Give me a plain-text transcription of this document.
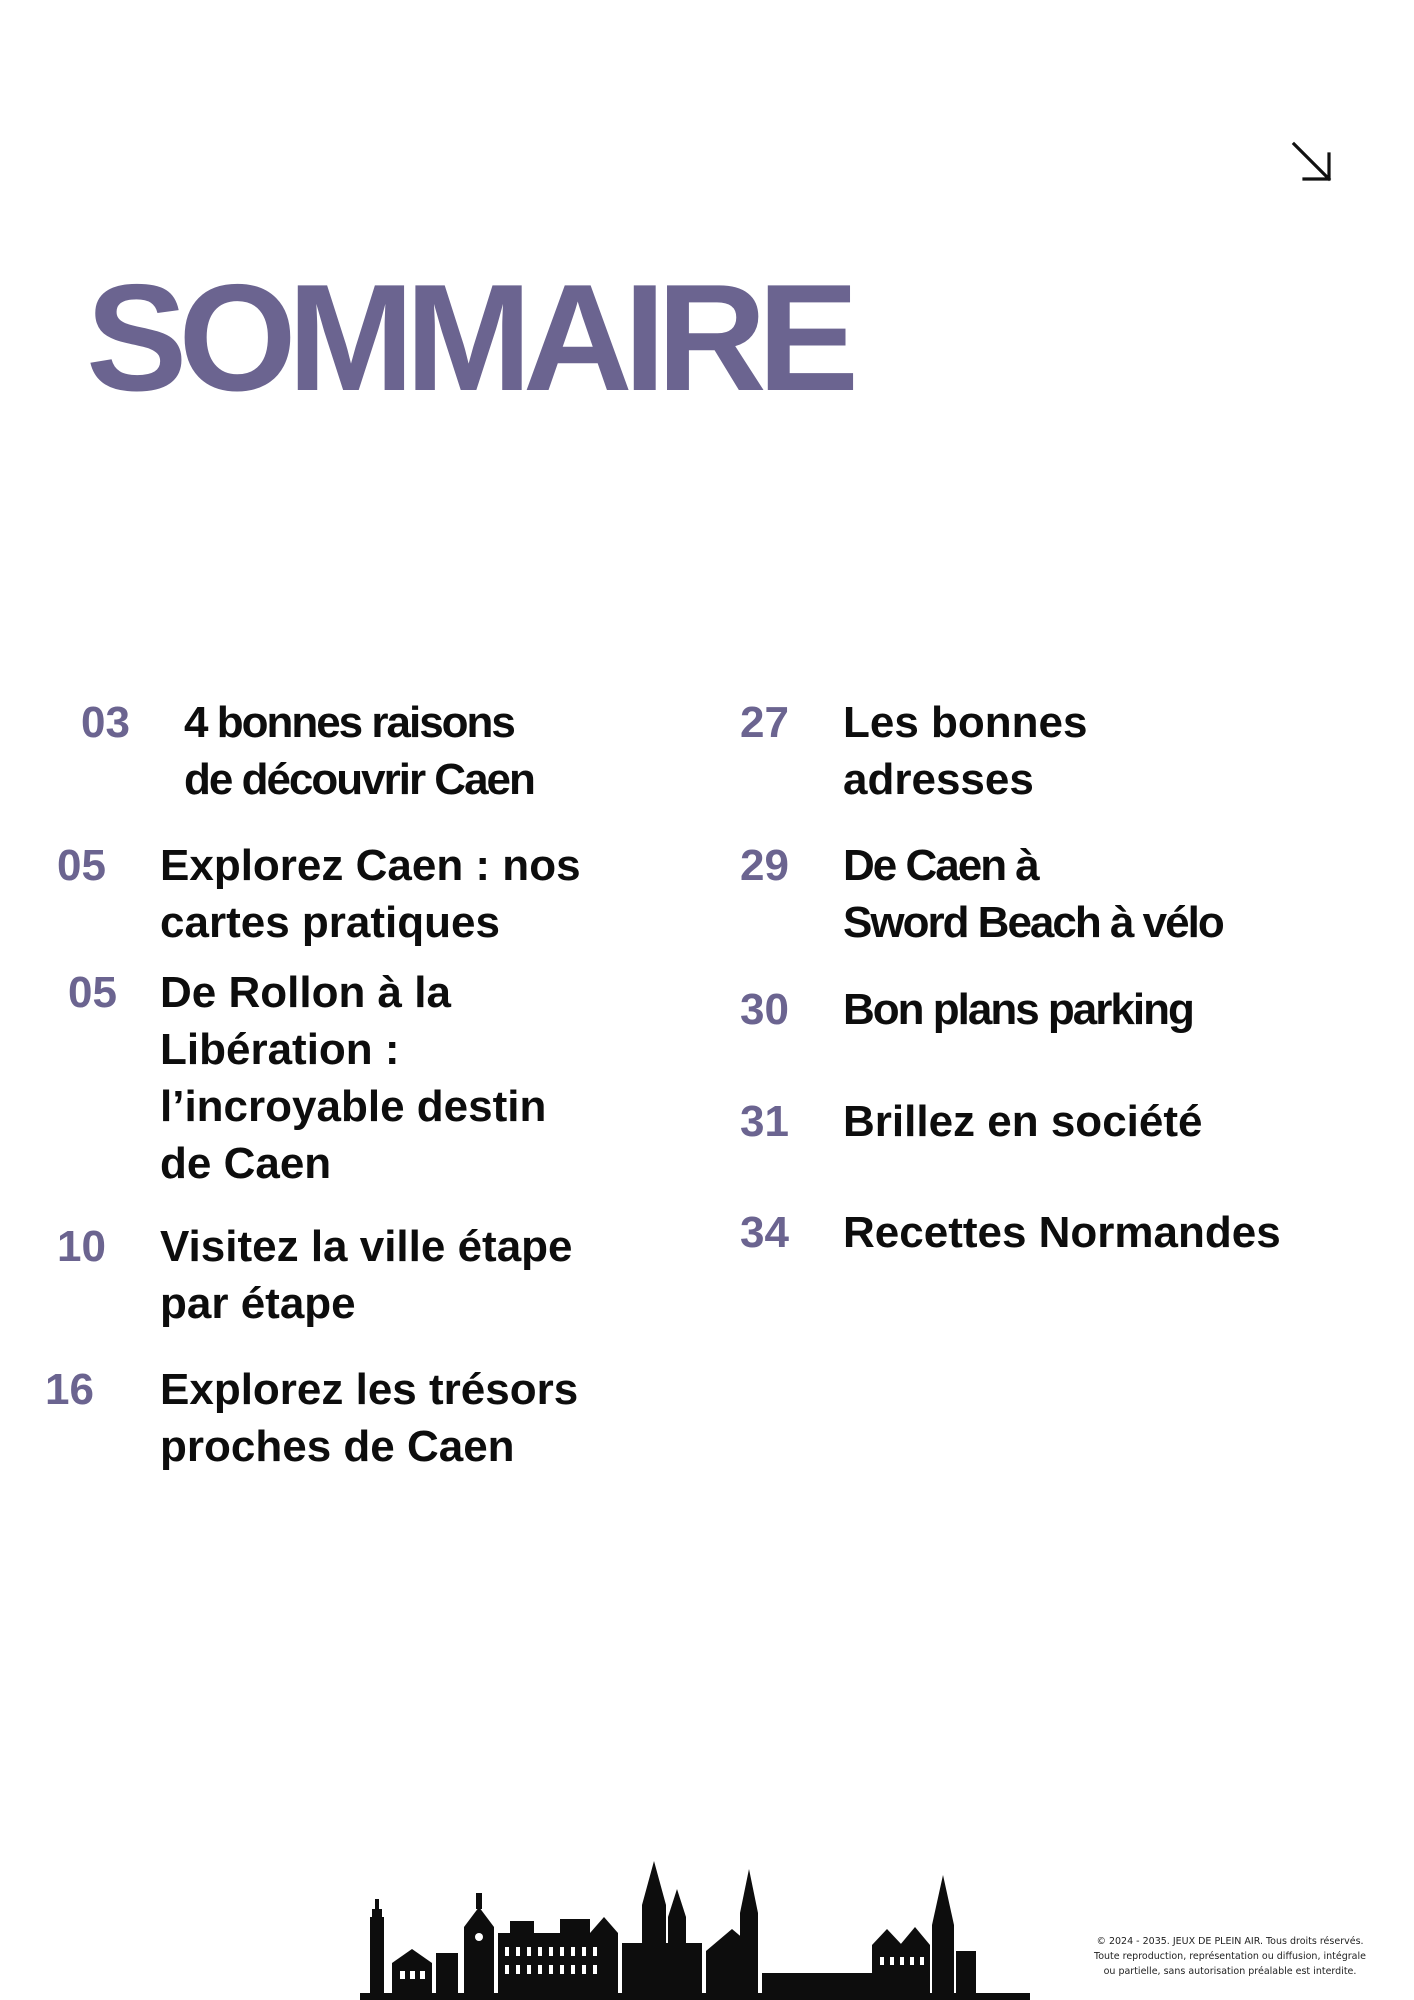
SOMMAIRE
03 4 bonnes raisons
de découvrir Caen

05 Explorez Caen : nos
cartes pratiques

05 De Rollon à la
Libération :
l’incroyable destin
de Caen

10 Visitez la ville étape
par étape

16 Explorez les trésors
proches de Caen

27 Les bonnes
adresses

29 De Caen à
Sword Beach à vélo

30 Bon plans parking

31 Brillez en société

34 Recettes Normandes

© 2024 - 2035. JEUX DE PLEIN AIR. Tous droits réservés.
Toute reproduction, représentation ou diffusion, intégrale
ou partielle, sans autorisation préalable est interdite.
